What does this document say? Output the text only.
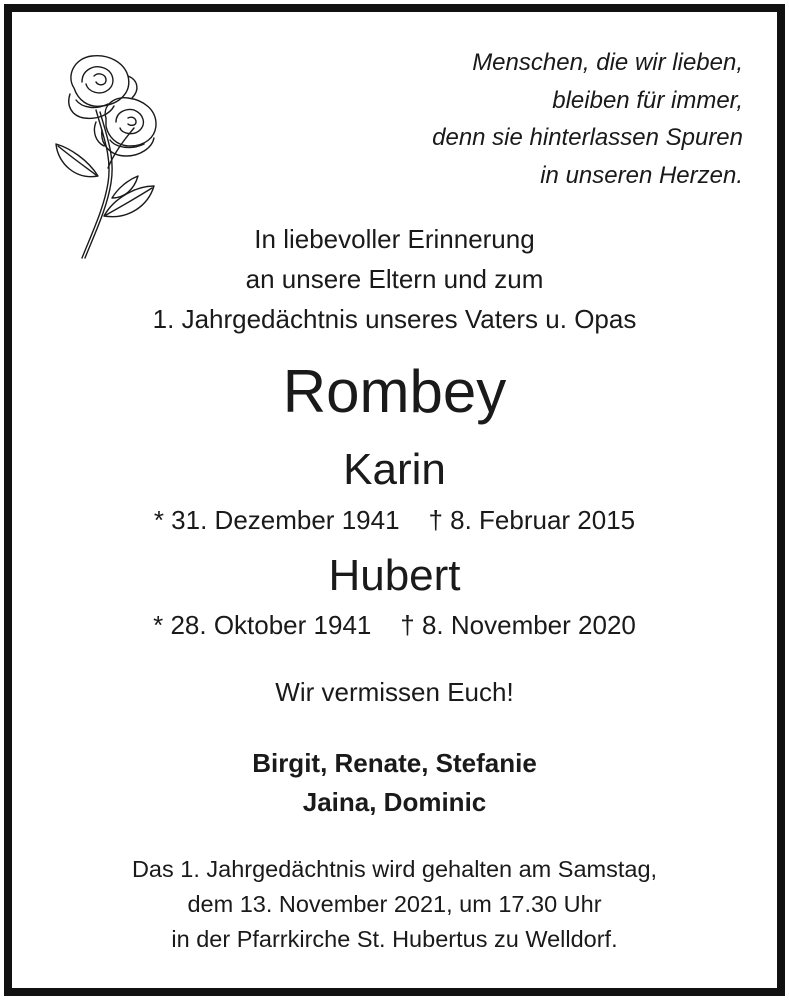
Menschen, die wir lieben,
bleiben für immer,
denn sie hinterlassen Spuren
in unseren Herzen.
In liebevoller Erinnerung
an unsere Eltern und zum
1. Jahrgedächtnis unseres Vaters u. Opas
Rombey
Karin
* 31. Dezember 1941 † 8. Februar 2015
Hubert
* 28. Oktober 1941 † 8. November 2020
Wir vermissen Euch!
Birgit, Renate, Stefanie
Jaina, Dominic
Das 1. Jahrgedächtnis wird gehalten am Samstag,
dem 13. November 2021, um 17.30 Uhr
in der Pfarrkirche St. Hubertus zu Welldorf.
